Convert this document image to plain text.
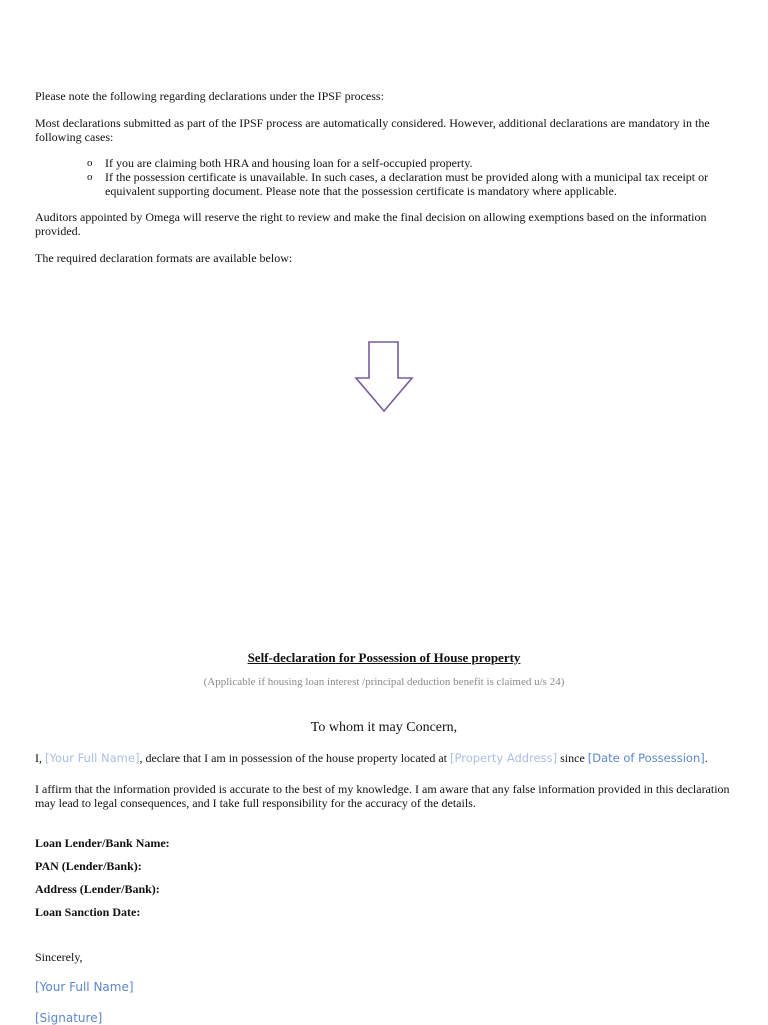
Please note the following regarding declarations under the IPSF process:

Most declarations submitted as part of the IPSF process are automatically considered. However, additional declarations are mandatory in the following cases:

o If you are claiming both HRA and housing loan for a self-occupied property.
o If the possession certificate is unavailable. In such cases, a declaration must be provided along with a municipal tax receipt or equivalent supporting document. Please note that the possession certificate is mandatory where applicable.

Auditors appointed by Omega will reserve the right to review and make the final decision on allowing exemptions based on the information provided.

The required declaration formats are available below:

Self-declaration for Possession of House property

(Applicable if housing loan interest /principal deduction benefit is claimed u/s 24)

To whom it may Concern,

I, [Your Full Name], declare that I am in possession of the house property located at [Property Address] since [Date of Possession].

I affirm that the information provided is accurate to the best of my knowledge. I am aware that any false information provided in this declaration may lead to legal consequences, and I take full responsibility for the accuracy of the details.

Loan Lender/Bank Name:

PAN (Lender/Bank):

Address (Lender/Bank):

Loan Sanction Date:

Sincerely,

[Your Full Name]

[Signature]
